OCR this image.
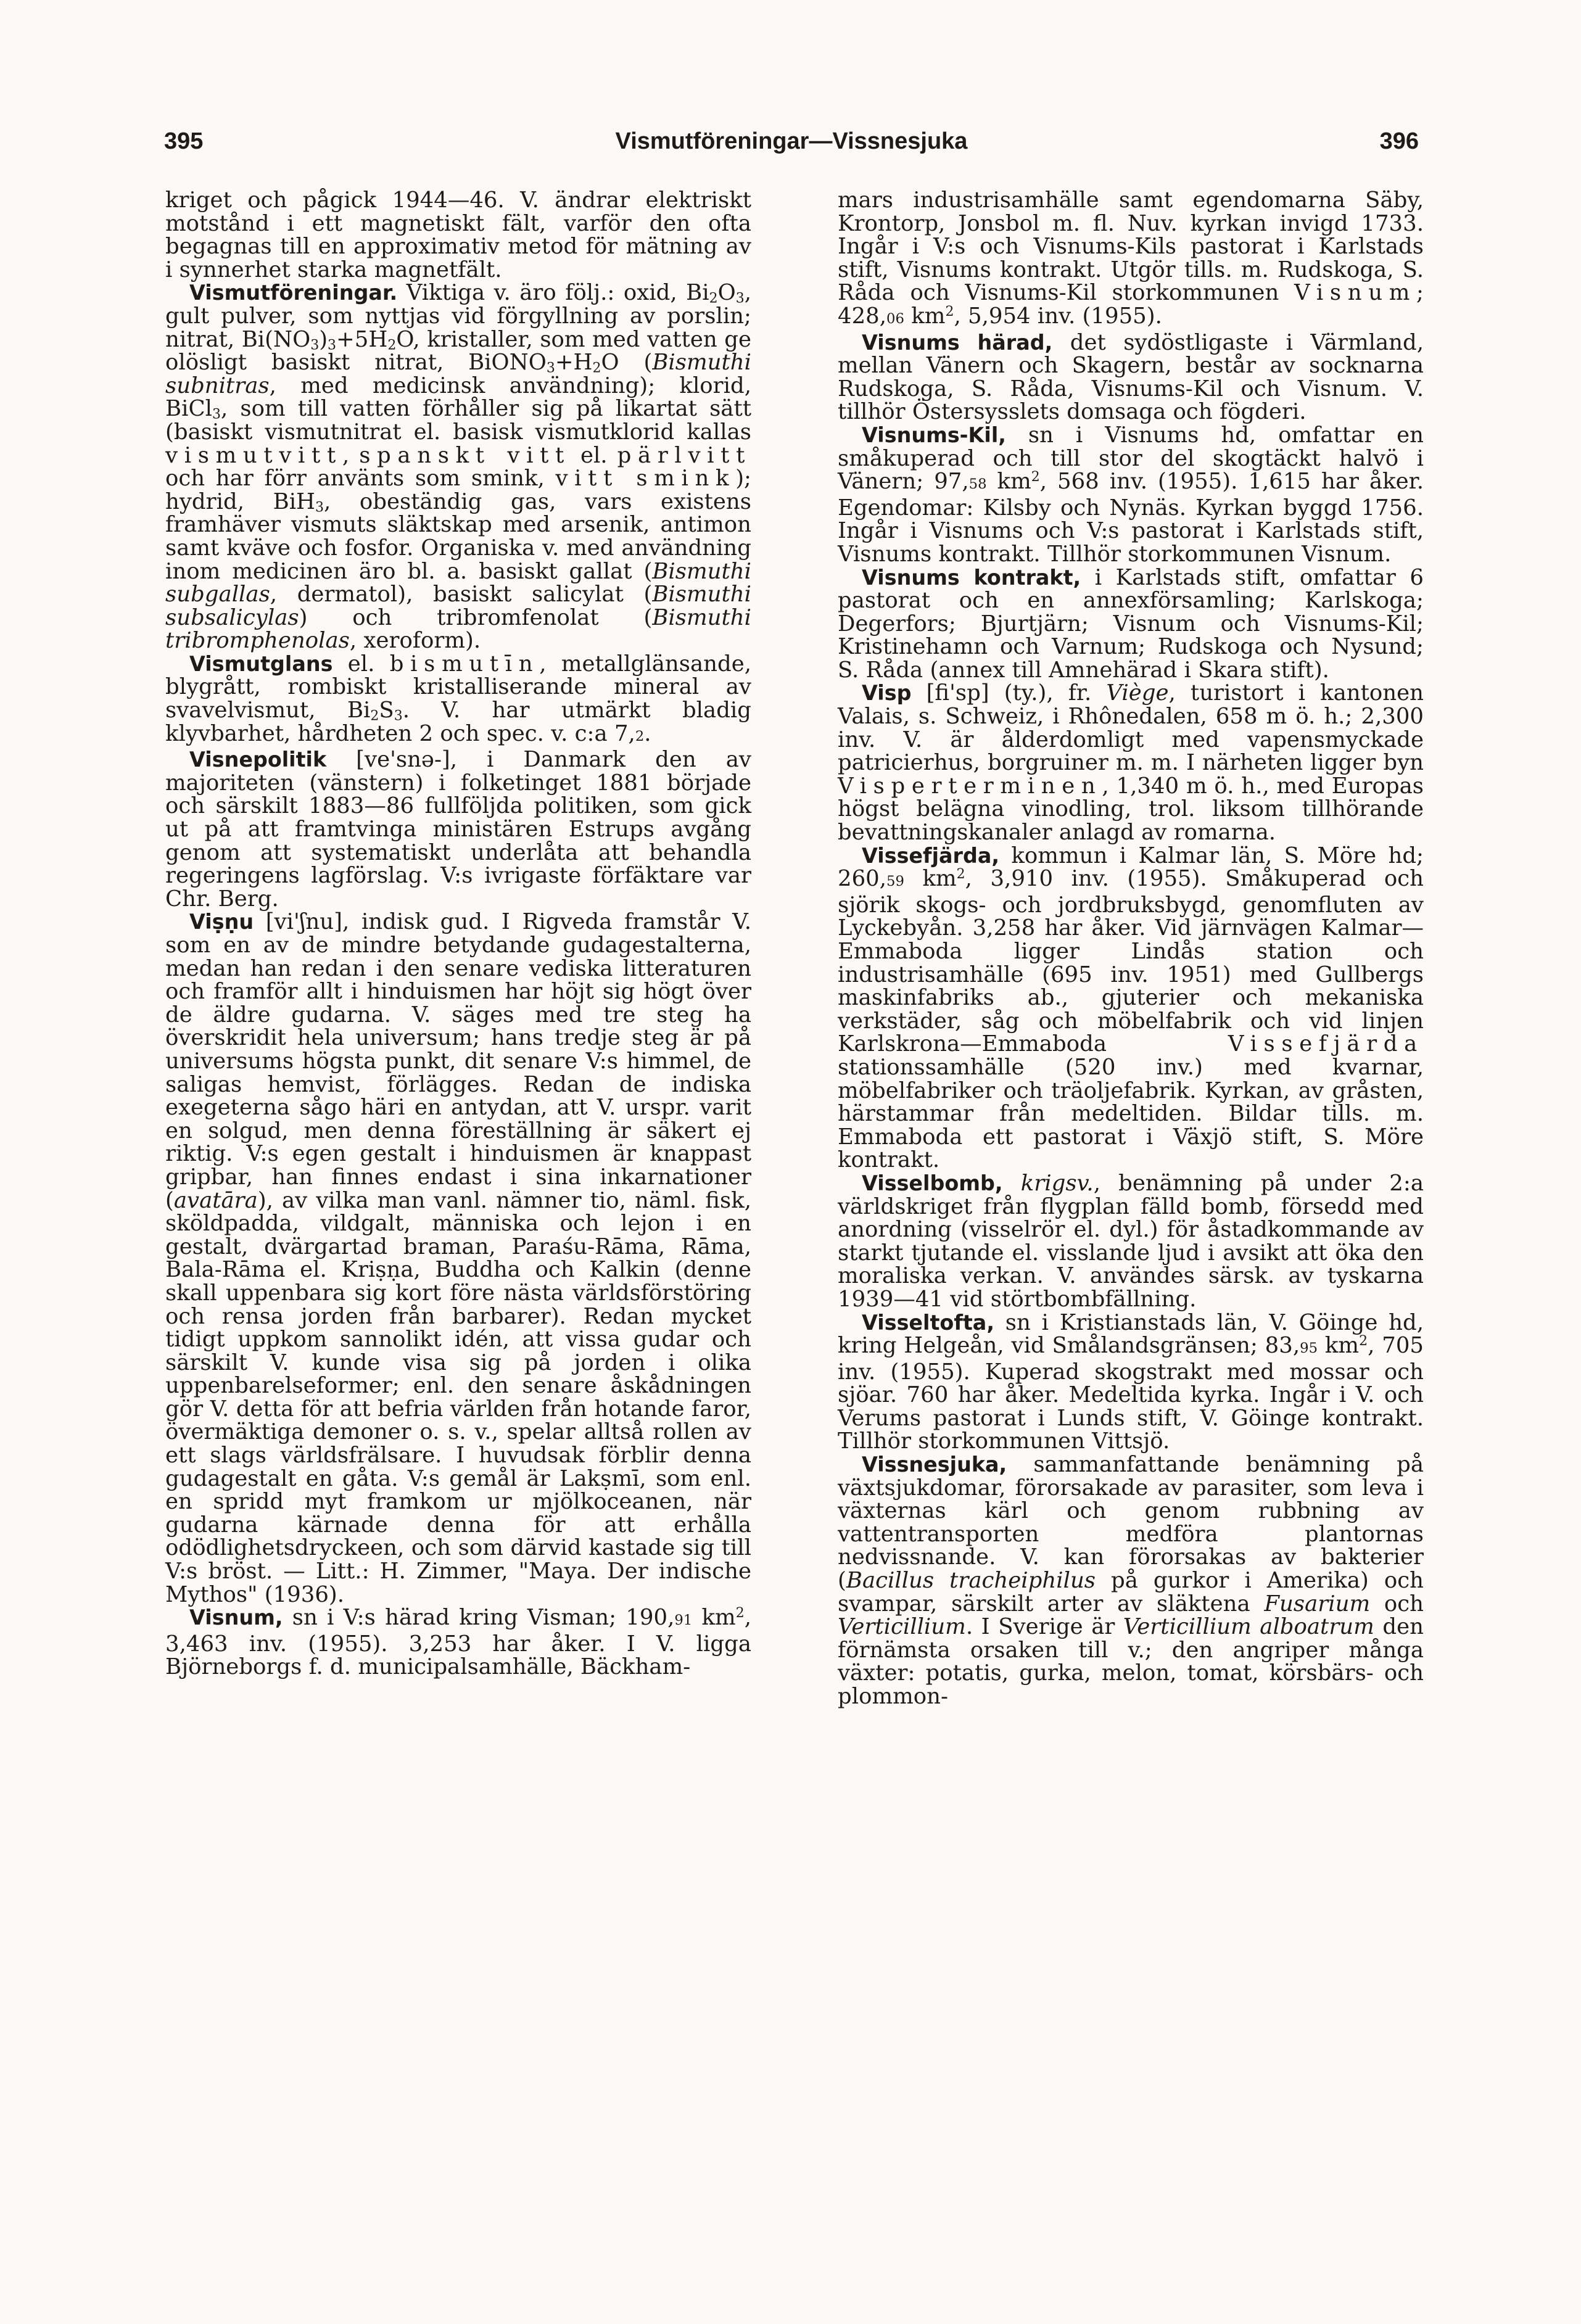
395	Vismutföreningar—Vissnesjuka	396

kriget och pågick 1944—46. V. ändrar elektriskt motstånd i ett magnetiskt fält, varför den ofta begagnas till en approximativ metod för mätning av i synnerhet starka magnetfält.

Vismutföreningar. Viktiga v. äro följ.: oxid, $Bi_2O_3$, gult pulver, som nyttjas vid förgyllning av porslin; nitrat, $Bi(NO_3)_3+5H_2O$, kristaller, som med vatten ge olösligt basiskt nitrat, $BiONO_3+H_2O$ (Bismuthi subnitras, med medicinsk användning); klorid, BiCl$_3$, som till vatten förhåller sig på likartat sätt (basiskt vismutnitrat el. basisk vismutklorid kallas vismutvitt, spanskt vitt el. pärlvitt och har förr använts som smink, vitt smink); hydrid, BiH$_3$, obeständig gas, vars existens framhäver vismuts släktskap med arsenik, antimon samt kväve och fosfor. Organiska v. med användning inom medicinen äro bl. a. basiskt gallat (Bismuthi subgallas, dermatol), basiskt salicylat (Bismuthi subsalicylas) och tribromfenolat (Bismuthi tribromphenolas, xeroform).

Vismutglans el. bismutīn, metallglänsande, blygrått, rombiskt kristalliserande mineral av svavelvismut, $Bi_2S_3$. V. har utmärkt bladig klyvbarhet, hårdheten 2 och spec. v. c:a 7,2.

Visnepolitik [ve'snə-], i Danmark den av majoriteten (vänstern) i folketinget 1881 började och särskilt 1883—86 fullföljda politiken, som gick ut på att framtvinga ministären Estrups avgång genom att systematiskt underlåta att behandla regeringens lagförslag. V:s ivrigaste förfäktare var Chr. Berg.

Viṣṇu [vi'ʃnu], indisk gud. I Rigveda framstår V. som en av de mindre betydande gudagestalterna, medan han redan i den senare vediska litteraturen och framför allt i hinduismen har höjt sig högt över de äldre gudarna. V. säges med tre steg ha överskridit hela universum; hans tredje steg är på universums högsta punkt, dit senare V:s himmel, de saligas hemvist, förlägges. Redan de indiska exegeterna sågo häri en antydan, att V. urspr. varit en solgud, men denna föreställning är säkert ej riktig. V:s egen gestalt i hinduismen är knappast gripbar, han finnes endast i sina inkarnationer (avatāra), av vilka man vanl. nämner tio, näml. fisk, sköldpadda, vildgalt, människa och lejon i en gestalt, dvärgartad braman, Paraśu-Rāma, Rāma, Bala-Rāma el. Kriṣṇa, Buddha och Kalkin (denne skall uppenbara sig kort före nästa världsförstöring och rensa jorden från barbarer). Redan mycket tidigt uppkom sannolikt idén, att vissa gudar och särskilt V. kunde visa sig på jorden i olika uppenbarelseformer; enl. den senare åskådningen gör V. detta för att befria världen från hotande faror, övermäktiga demoner o. s. v., spelar alltså rollen av ett slags världsfrälsare. I huvudsak förblir denna gudagestalt en gåta. V:s gemål är Lakṣmī, som enl. en spridd myt framkom ur mjölkoceanen, när gudarna kärnade denna för att erhålla odödlighetsdryckeen, och som därvid kastade sig till V:s bröst. — Litt.: H. Zimmer, "Maya. Der indische Mythos" (1936).

Visnum, sn i V:s härad kring Visman; 190,91 $km^2$, 3,463 inv. (1955). 3,253 har åker. I V. ligga Björneborgs f. d. municipalsamhälle, Bäckham-

mars industrisamhälle samt egendomarna Säby, Krontorp, Jonsbol m. fl. Nuv. kyrkan invigd 1733. Ingår i V:s och Visnums-Kils pastorat i Karlstads stift, Visnums kontrakt. Utgör tills. m. Rudskoga, S. Råda och Visnums-Kil storkommunen Visnum; 428,06 $km^2$, 5,954 inv. (1955).

Visnums härad, det sydöstligaste i Värmland, mellan Vänern och Skagern, består av socknarna Rudskoga, S. Råda, Visnums-Kil och Visnum. V. tillhör Östersysslets domsaga och fögderi.

Visnums-Kil, sn i Visnums hd, omfattar en småkuperad och till stor del skogtäckt halvö i Vänern; 97,58 $km^2$, 568 inv. (1955). 1,615 har åker. Egendomar: Kilsby och Nynäs. Kyrkan byggd 1756. Ingår i Visnums och V:s pastorat i Karlstads stift, Visnums kontrakt. Tillhör storkommunen Visnum.

Visnums kontrakt, i Karlstads stift, omfattar 6 pastorat och en annexförsamling; Karlskoga; Degerfors; Bjurtjärn; Visnum och Visnums-Kil; Kristinehamn och Varnum; Rudskoga och Nysund; S. Råda (annex till Amnehärad i Skara stift).

Visp [fi'sp] (ty.), fr. Viège, turistort i kantonen Valais, s. Schweiz, i Rhônedalen, 658 m ö. h.; 2,300 inv. V. är ålderdomligt med vapensmyckade patricierhus, borgruiner m. m. I närheten ligger byn Visperterminen, 1,340 m ö. h., med Europas högst belägna vinodling, trol. liksom tillhörande bevattningskanaler anlagd av romarna.

Vissefjärda, kommun i Kalmar län, S. Möre hd; 260,59 $km^2$, 3,910 inv. (1955). Småkuperad och sjörik skogs- och jordbruksbygd, genomfluten av Lyckebyån. 3,258 har åker. Vid järnvägen Kalmar—Emmaboda ligger Lindås station och industrisamhälle (695 inv. 1951) med Gullbergs maskinfabriks ab., gjuterier och mekaniska verkstäder, såg och möbelfabrik och vid linjen Karlskrona—Emmaboda Vissefjärda stationssamhälle (520 inv.) med kvarnar, möbelfabriker och träoljefabrik. Kyrkan, av gråsten, härstammar från medeltiden. Bildar tills. m. Emmaboda ett pastorat i Växjö stift, S. Möre kontrakt.

Visselbomb, krigsv., benämning på under 2:a världskriget från flygplan fälld bomb, försedd med anordning (visselrör el. dyl.) för åstadkommande av starkt tjutande el. visslande ljud i avsikt att öka den moraliska verkan. V. användes särsk. av tyskarna 1939—41 vid störtbombfällning.

Visseltofta, sn i Kristianstads län, V. Göinge hd, kring Helgeån, vid Smålandsgränsen; 83,95 $km^2$, 705 inv. (1955). Kuperad skogstrakt med mossar och sjöar. 760 har åker. Medeltida kyrka. Ingår i V. och Verums pastorat i Lunds stift, V. Göinge kontrakt. Tillhör storkommunen Vittsjö.

Vissnesjuka, sammanfattande benämning på växtsjukdomar, förorsakade av parasiter, som leva i växternas kärl och genom rubbning av vattentransporten medföra plantornas nedvissnande. V. kan förorsakas av bakterier (Bacillus tracheiphilus på gurkor i Amerika) och svampar, särskilt arter av släktena Fusarium och Verticillium. I Sverige är Verticillium alboatrum den förnämsta orsaken till v.; den angriper många växter: potatis, gurka, melon, tomat, körsbärs- och plommon-
